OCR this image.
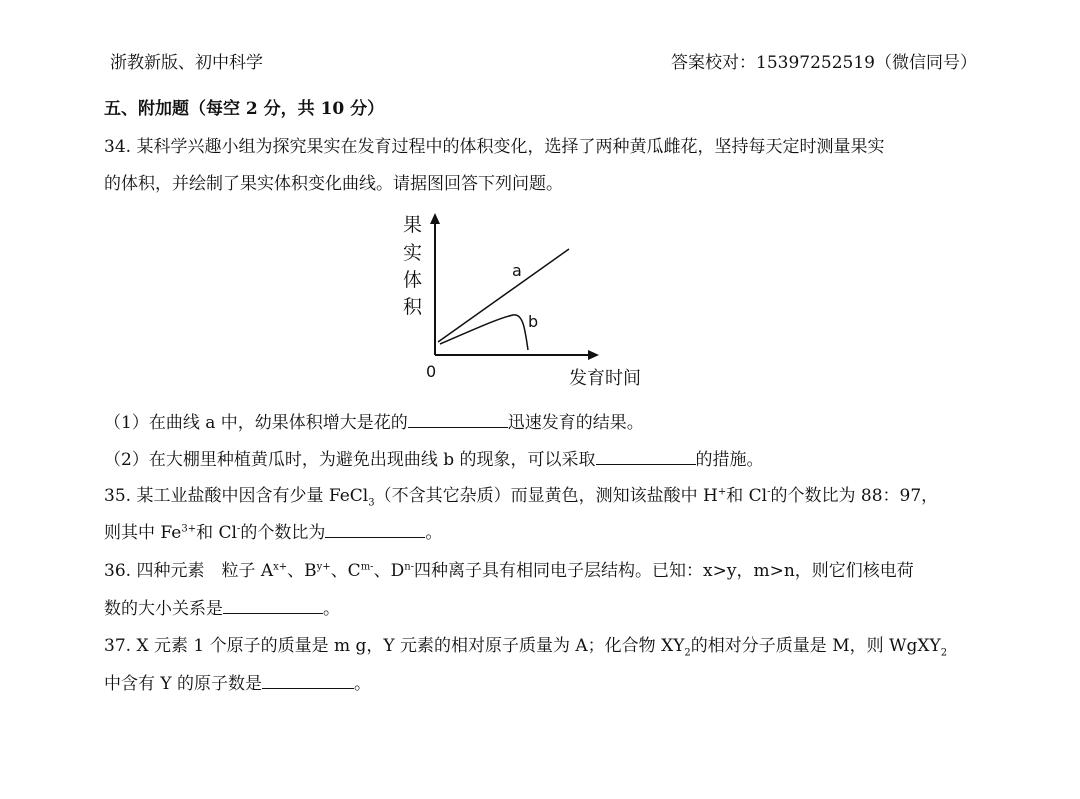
浙教新版、初中科学	答案校对：15397252519（微信同号）
五、附加题（每空 2 分，共 10 分）
34. 某科学兴趣小组为探究果实在发育过程中的体积变化，选择了两种黄瓜雌花，坚持每天定时测量果实
的体积，并绘制了果实体积变化曲线。请据图回答下列问题。
果
实
体
积
a
b
0	发育时间
（1）在曲线 a 中，幼果体积增大是花的	迅速发育的结果。
（2）在大棚里种植黄瓜时，为避免出现曲线 b 的现象，可以采取	的措施。
35. 某工业盐酸中因含有少量 FeCl$_3$（不含其它杂质）而显黄色，测知该盐酸中 H+和 Cl-的个数比为 88：97，
则其中 $Fe^{3+}$和 Cl-的个数比为	。
36. 四种元素　粒子 $A^{x+}$、$B^{y+}$、$C^{m-}$、$D^{n-}$四种离子具有相同电子层结构。已知：x>y，m>n，则它们核电荷
数的大小关系是	。
37. X 元素 1 个原子的质量是 m g，Y 元素的相对原子质量为 A；化合物 $XY_2$的相对分子质量是 M，则 WgXY$_2$
中含有 Y 的原子数是	。
